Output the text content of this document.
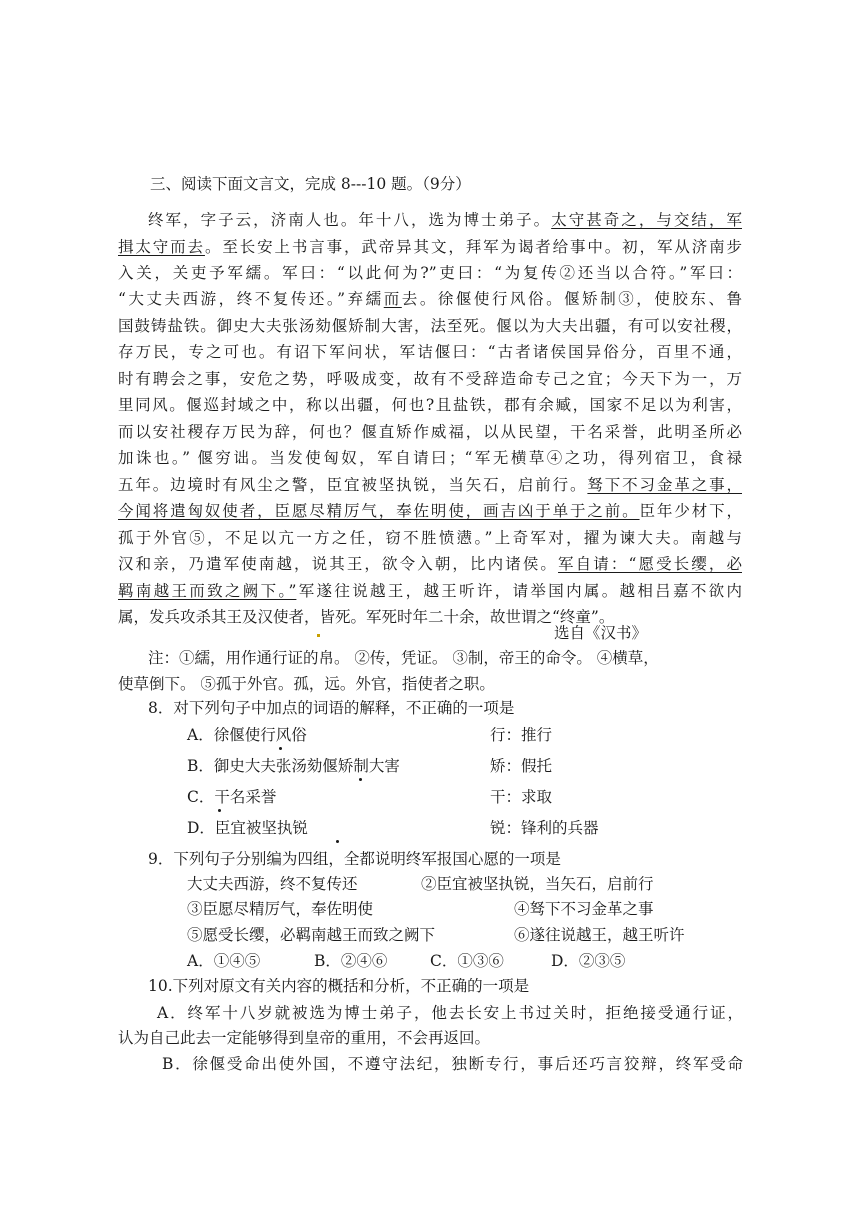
三、阅读下面文言文，完成 8---10 题。（9分）
终军，字子云，济南人也。年十八，选为博士弟子。太守甚奇之，与交结，军
揖太守而去。至长安上书言事，武帝异其文，拜军为谒者给事中。初，军从济南步
入关，关吏予军繻。军曰：“以此何为?”吏曰：“为复传②还当以合符。”军曰：
“大丈夫西游，终不复传还。”弃繻而去。徐偃使行风俗。偃矫制③，使胶东、鲁
国鼓铸盐铁。御史大夫张汤劾偃矫制大害，法至死。偃以为大夫出疆，有可以安社稷，
存万民，专之可也。有诏下军问状，军诘偃曰：“古者诸侯国异俗分，百里不通，
时有聘会之事，安危之势，呼吸成变，故有不受辞造命专己之宜；今天下为一，万
里同风。偃巡封域之中，称以出疆，何也?且盐铁，郡有余臧，国家不足以为利害，
而以安社稷存万民为辞，何也？偃直矫作威福，以从民望，干名采誉，此明圣所必
加诛也。” 偃穷诎。当发使匈奴，军自请曰；“军无横草④之功，得列宿卫，食禄
五年。边境时有风尘之警，臣宜被坚执锐，当矢石，启前行。驽下不习金革之事，
今闻将遣匈奴使者，臣愿尽精厉气，奉佐明使，画吉凶于单于之前。臣年少材下，
孤于外官⑤，不足以亢一方之任，窃不胜愤懑。”上奇军对，擢为谏大夫。南越与
汉和亲，乃遣军使南越，说其王，欲令入朝，比内诸侯。军自请：“愿受长缨，必
羁南越王而致之阙下。”军遂往说越王，越王听许，请举国内属。越相吕嘉不欲内
属，发兵攻杀其王及汉使者，皆死。军死时年二十余，故世谓之“终童”。
选自《汉书》
注：①繻，用作通行证的帛。 ②传，凭证。 ③制，帝王的命令。 ④横草，
使草倒下。 ⑤孤于外官。孤，远。外官，指使者之职。
8．对下列句子中加点的词语的解释，不正确的一项是
A．徐偃使行风俗	行：推行
B．御史大夫张汤劾偃矫制大害	矫：假托
C．干名采誉	干：求取
D．臣宜被坚执锐	锐：锋利的兵器
9．下列句子分别编为四组，全都说明终军报国心愿的一项是
大丈夫西游，终不复传还	②臣宜被坚执锐，当矢石，启前行
③臣愿尽精厉气，奉佐明使	④驽下不习金革之事
⑤愿受长缨，必羁南越王而致之阙下	⑥遂往说越王，越王听许
A．①④⑤	B．②④⑥	C．①③⑥	D．②③⑤
10.下列对原文有关内容的概括和分析，不正确的一项是
A．终军十八岁就被选为博士弟子，他去长安上书过关时，拒绝接受通行证，
认为自己此去一定能够得到皇帝的重用，不会再返回。
B．徐偃受命出使外国，不遵守法纪，独断专行，事后还巧言狡辩，终军受命
